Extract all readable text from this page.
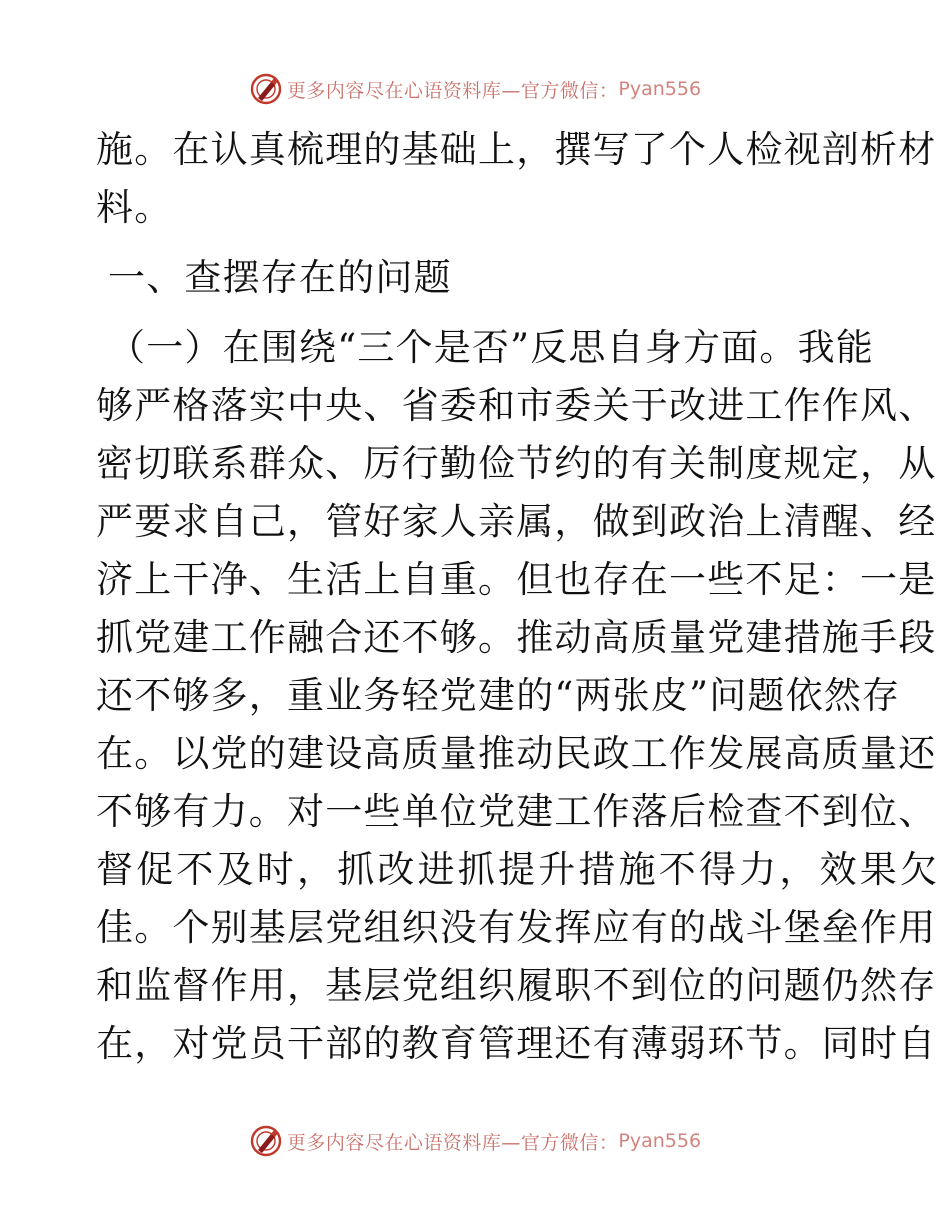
更多内容尽在心语资料库—官方微信： Pyan556
施。在认真梳理的基础上，撰写了个人检视剖析材
料。
一、查摆存在的问题
（一）在围绕“三个是否”反思自身方面。我能
够严格落实中央、省委和市委关于改进工作作风、
密切联系群众、厉行勤俭节约的有关制度规定，从
严要求自己，管好家人亲属，做到政治上清醒、经
济上干净、生活上自重。但也存在一些不足：一是
抓党建工作融合还不够。推动高质量党建措施手段
还不够多，重业务轻党建的“两张皮”问题依然存
在。以党的建设高质量推动民政工作发展高质量还
不够有力。对一些单位党建工作落后检查不到位、
督促不及时，抓改进抓提升措施不得力，效果欠
佳。个别基层党组织没有发挥应有的战斗堡垒作用
和监督作用，基层党组织履职不到位的问题仍然存
在，对党员干部的教育管理还有薄弱环节。同时自
更多内容尽在心语资料库—官方微信： Pyan556
